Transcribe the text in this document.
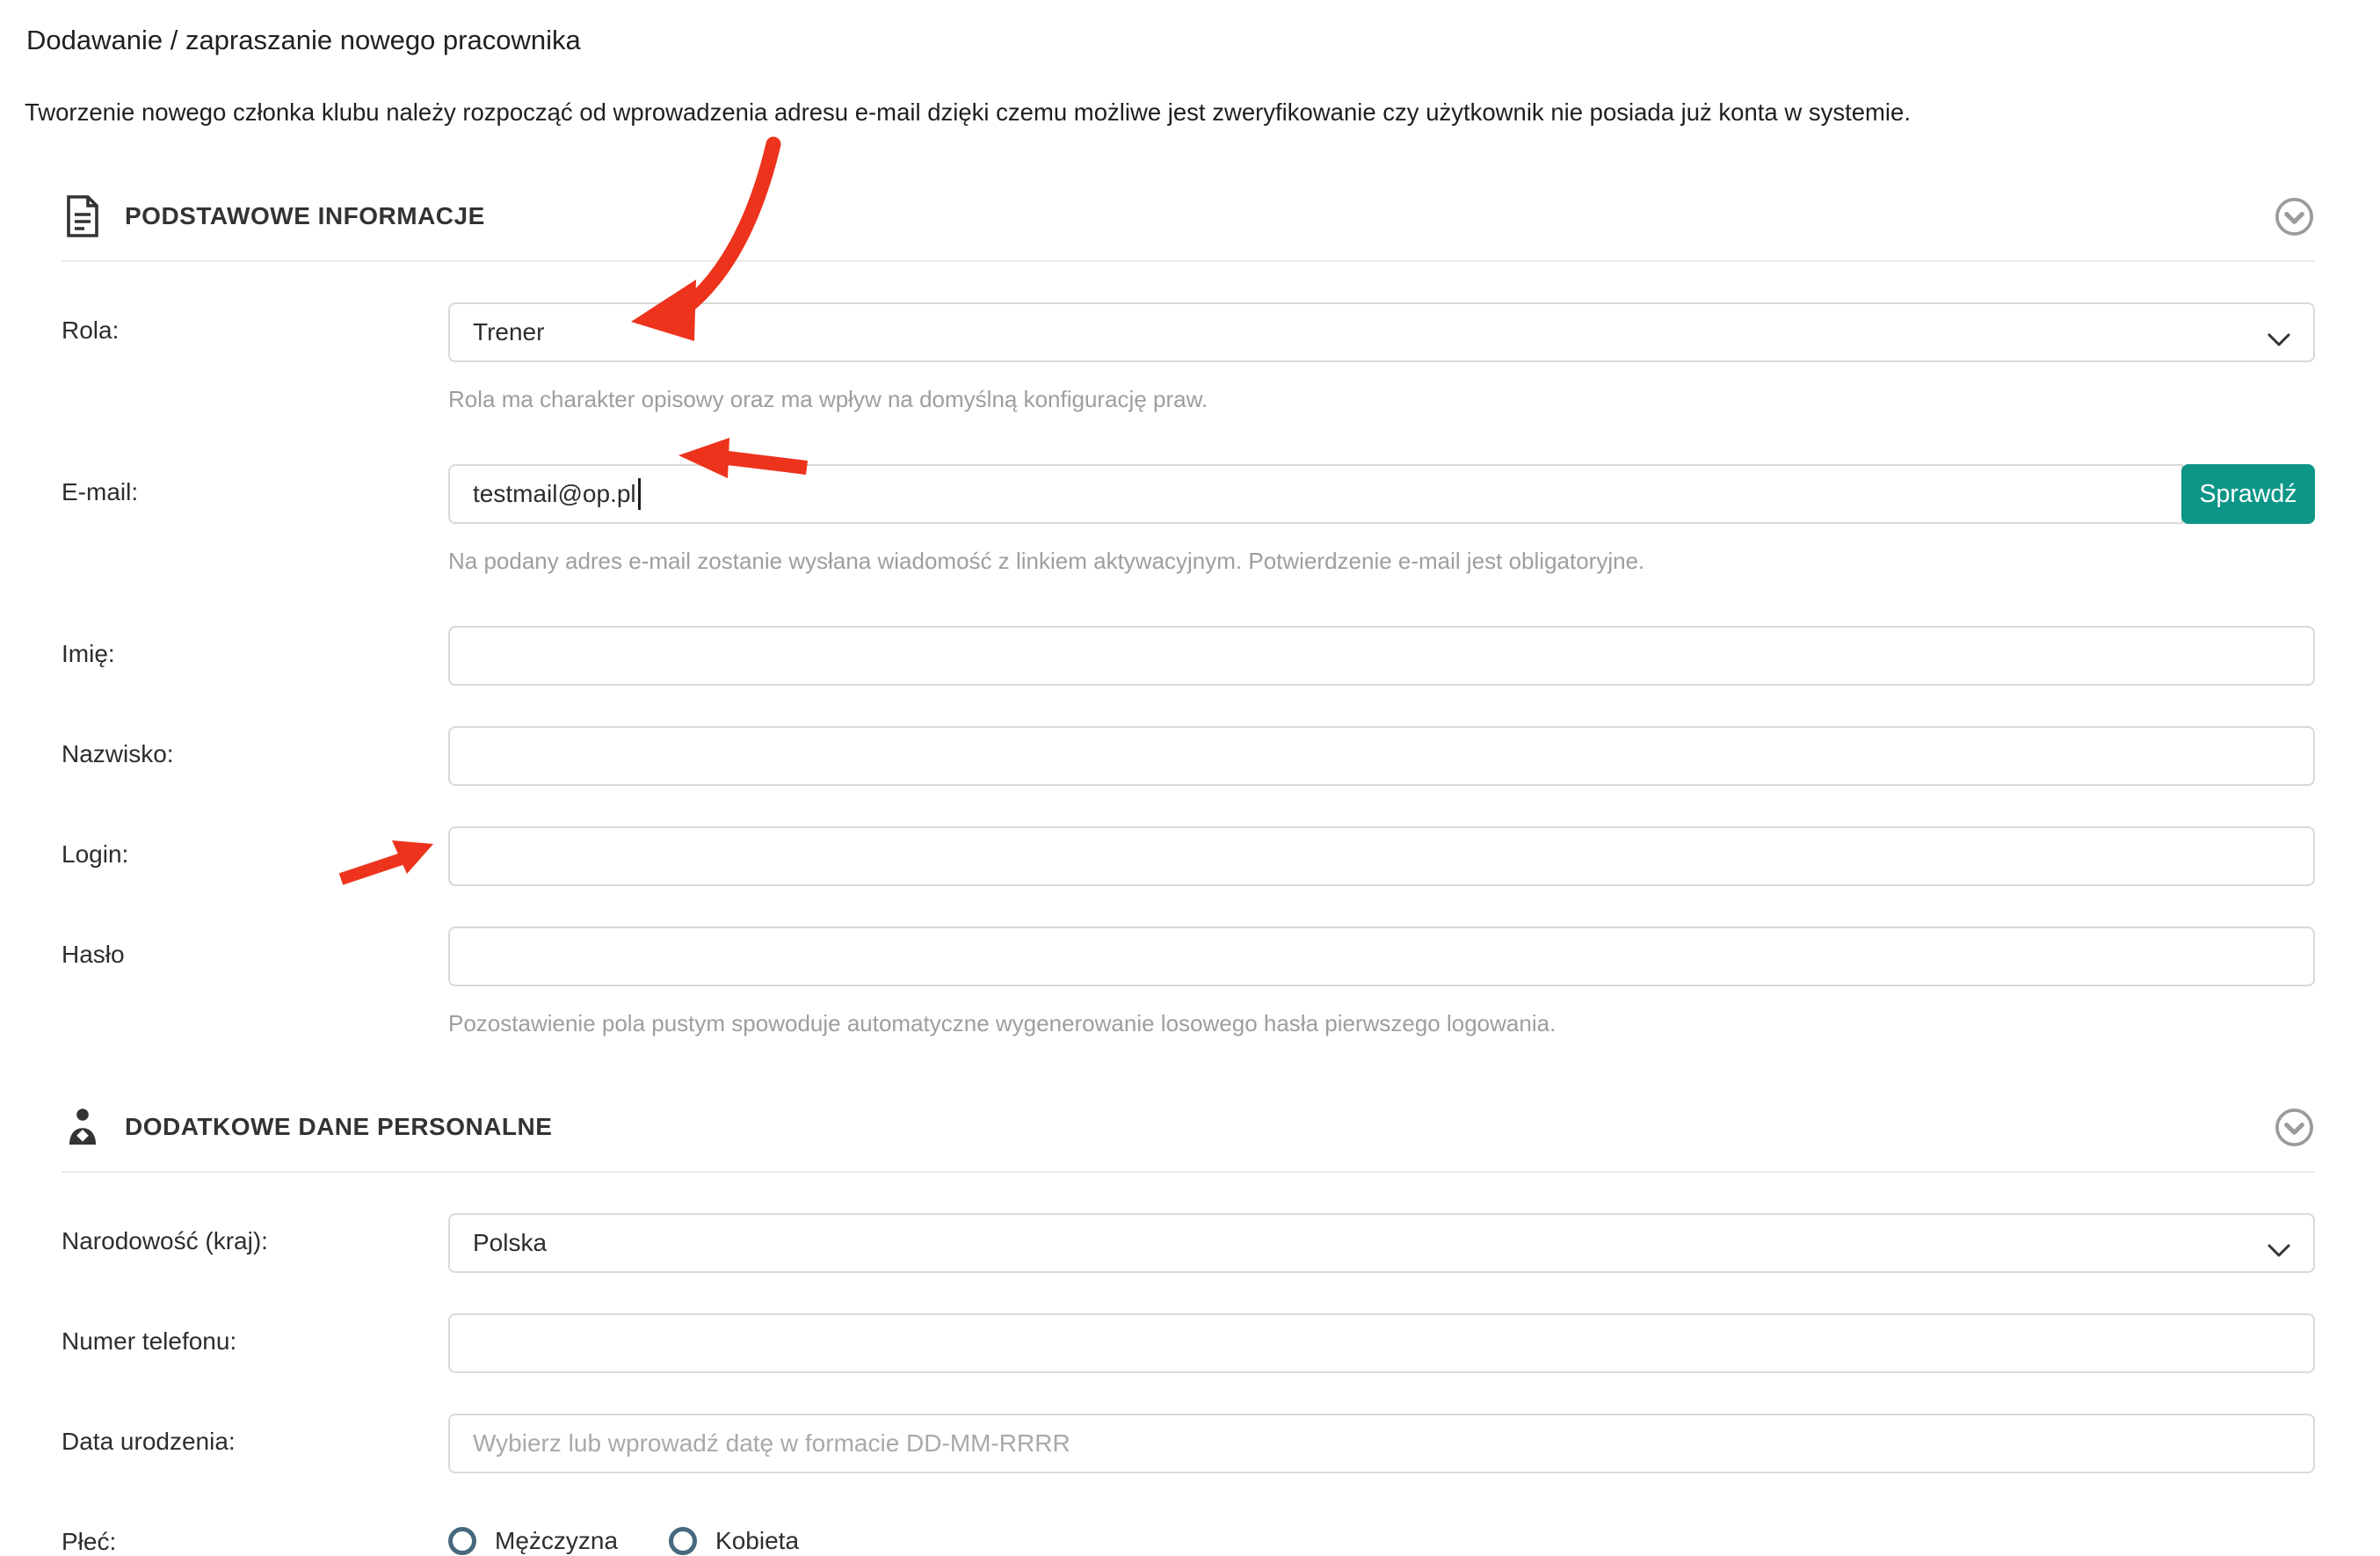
Dodawanie / zapraszanie nowego pracownika
Tworzenie nowego członka klubu należy rozpocząć od wprowadzenia adresu e-mail dzięki czemu możliwe jest zweryfikowanie czy użytkownik nie posiada już konta w systemie.
PODSTAWOWE INFORMACJE
Rola:	Trener
Rola ma charakter opisowy oraz ma wpływ na domyślną konfigurację praw.
E-mail:	testmail@op.pl	Sprawdź
Na podany adres e-mail zostanie wysłana wiadomość z linkiem aktywacyjnym. Potwierdzenie e-mail jest obligatoryjne.
Imię:
Nazwisko:
Login:
Hasło
Pozostawienie pola pustym spowoduje automatyczne wygenerowanie losowego hasła pierwszego logowania.
DODATKOWE DANE PERSONALNE
Narodowość (kraj):	Polska
Numer telefonu:
Data urodzenia:
Wybierz lub wprowadź datę w formacie DD-MM-RRRR
Płeć:	Mężczyzna	Kobieta
